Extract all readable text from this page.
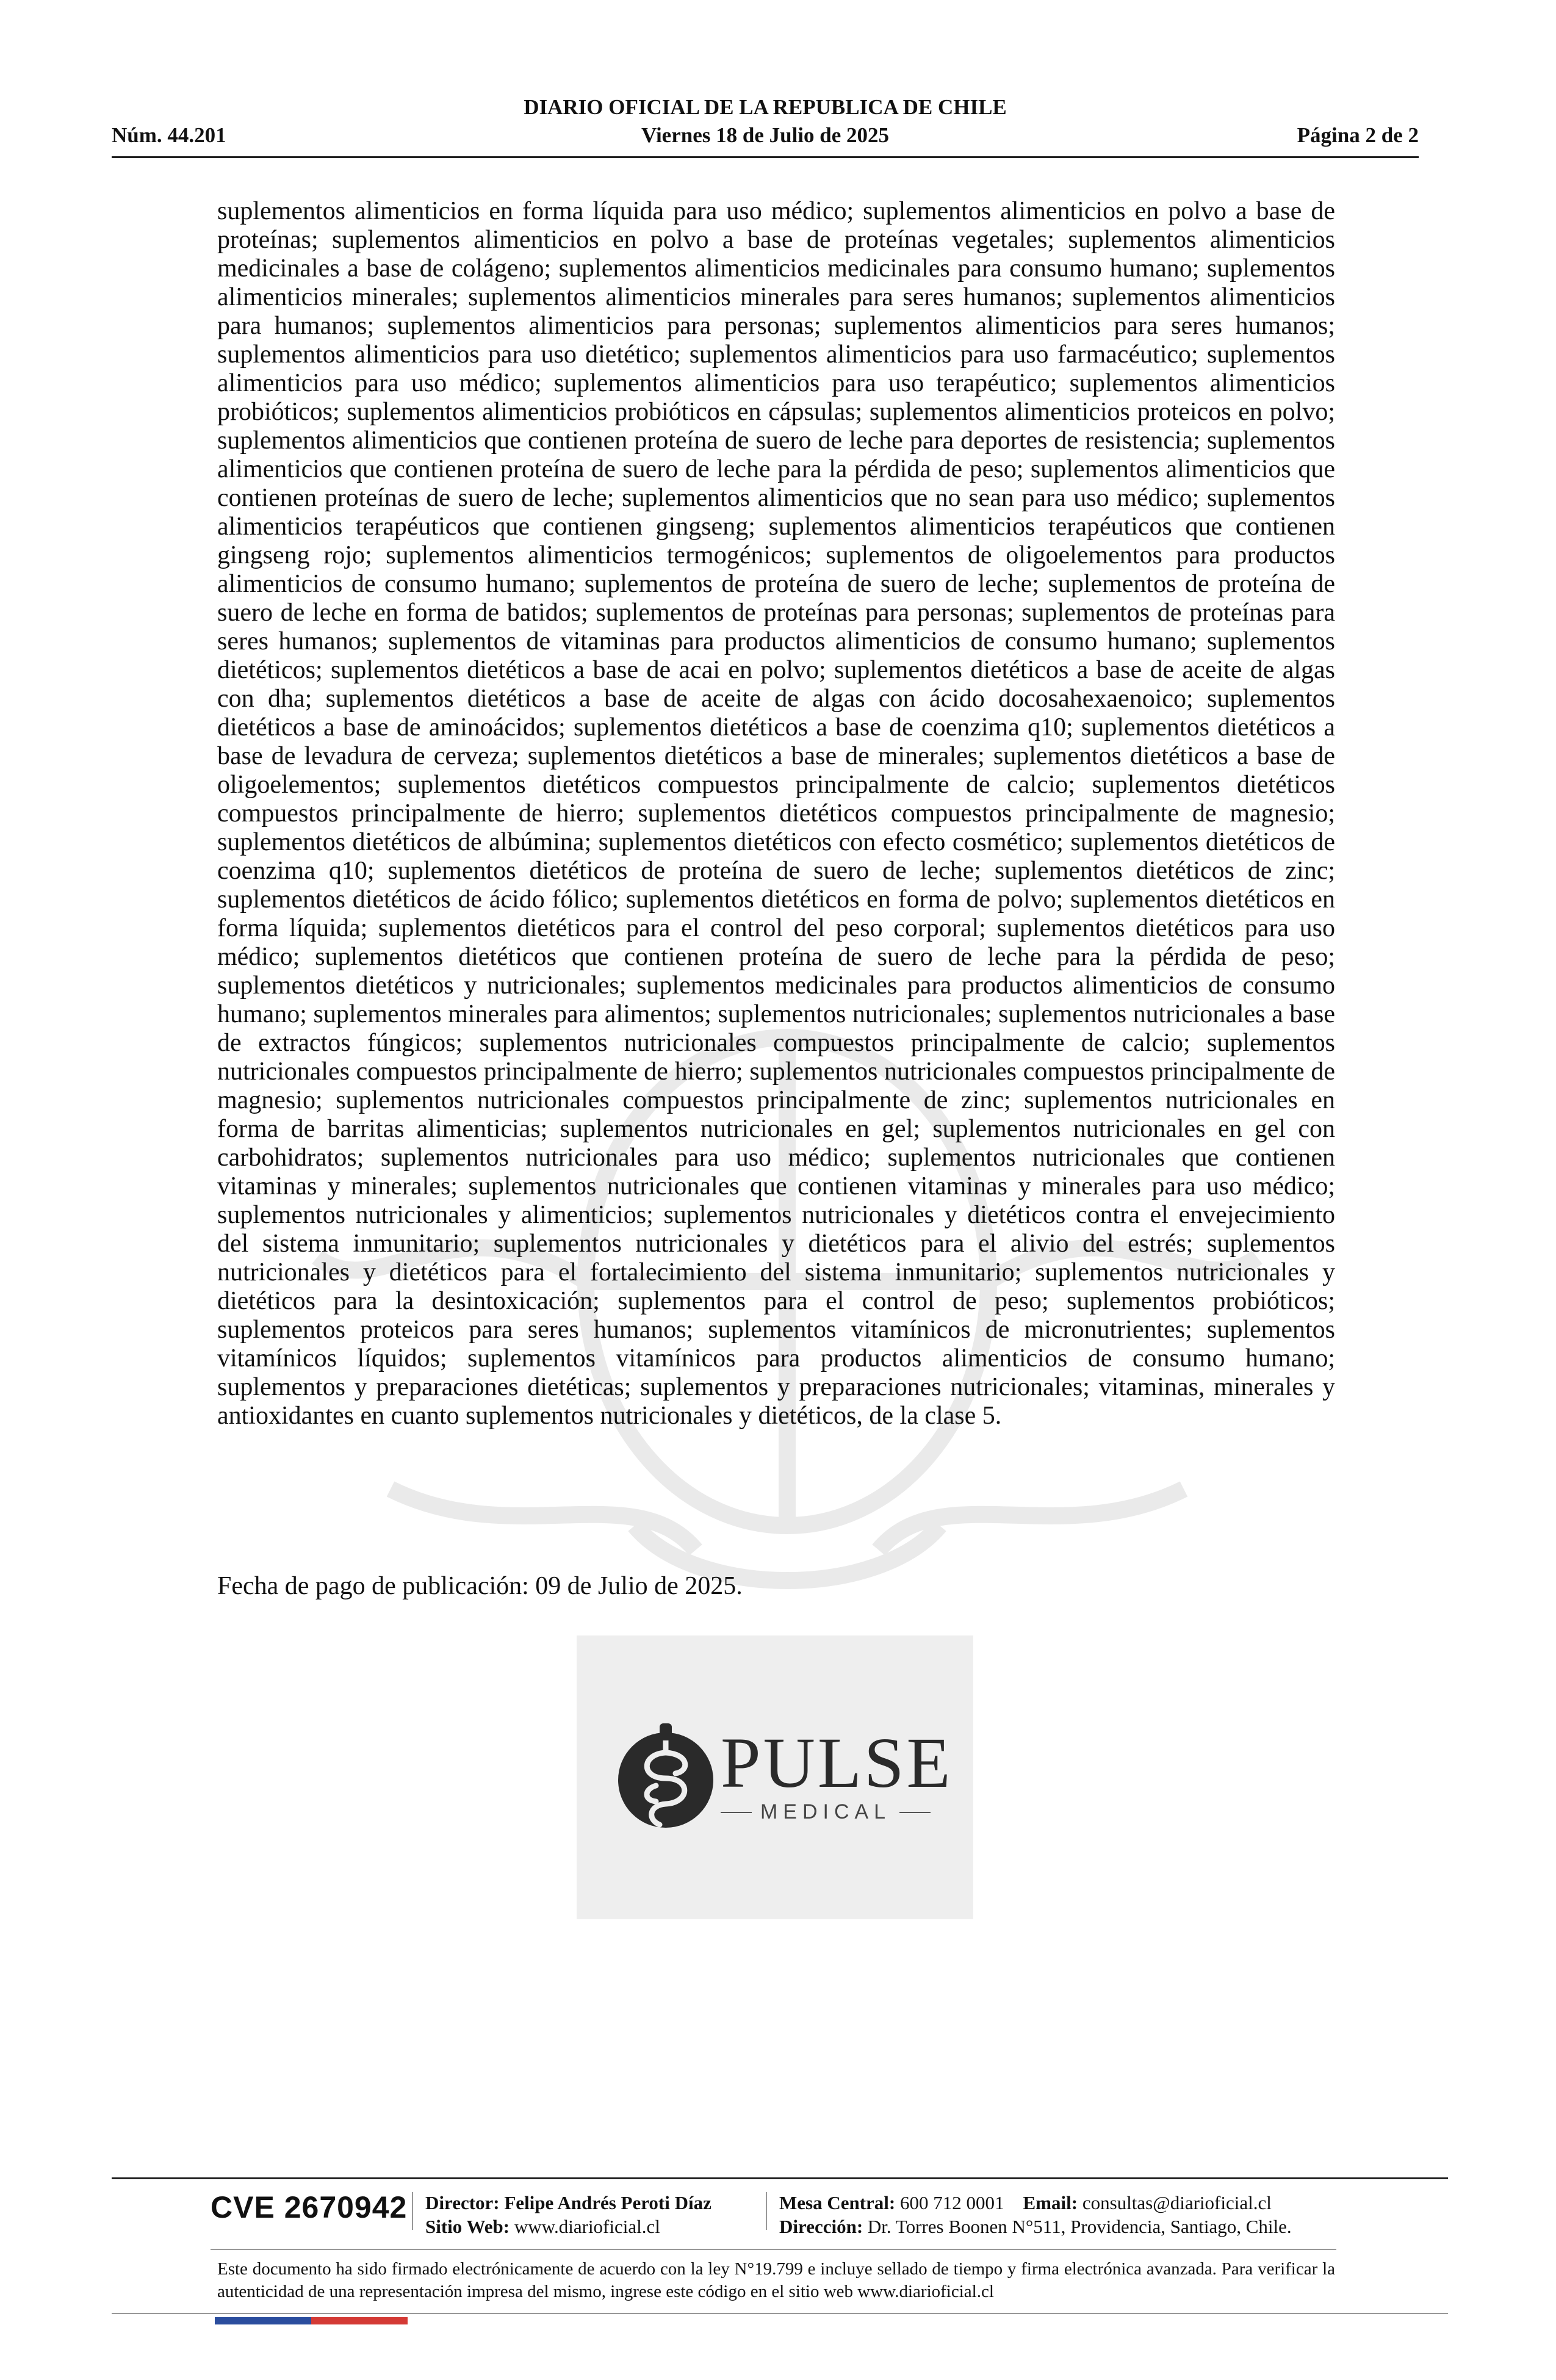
DIARIO OFICIAL DE LA REPUBLICA DE CHILE
Núm. 44.201	Viernes 18 de Julio de 2025	Página 2 de 2
suplementos alimenticios en forma líquida para uso médico; suplementos alimenticios en polvo a base de proteínas; suplementos alimenticios en polvo a base de proteínas vegetales; suplementos alimenticios medicinales a base de colágeno; suplementos alimenticios medicinales para consumo humano; suplementos alimenticios minerales; suplementos alimenticios minerales para seres humanos; suplementos alimenticios para humanos; suplementos alimenticios para personas; suplementos alimenticios para seres humanos; suplementos alimenticios para uso dietético; suplementos alimenticios para uso farmacéutico; suplementos alimenticios para uso médico; suplementos alimenticios para uso terapéutico; suplementos alimenticios probióticos; suplementos alimenticios probióticos en cápsulas; suplementos alimenticios proteicos en polvo; suplementos alimenticios que contienen proteína de suero de leche para deportes de resistencia; suplementos alimenticios que contienen proteína de suero de leche para la pérdida de peso; suplementos alimenticios que contienen proteínas de suero de leche; suplementos alimenticios que no sean para uso médico; suplementos alimenticios terapéuticos que contienen gingseng; suplementos alimenticios terapéuticos que contienen gingseng rojo; suplementos alimenticios termogénicos; suplementos de oligoelementos para productos alimenticios de consumo humano; suplementos de proteína de suero de leche; suplementos de proteína de suero de leche en forma de batidos; suplementos de proteínas para personas; suplementos de proteínas para seres humanos; suplementos de vitaminas para productos alimenticios de consumo humano; suplementos dietéticos; suplementos dietéticos a base de acai en polvo; suplementos dietéticos a base de aceite de algas con dha; suplementos dietéticos a base de aceite de algas con ácido docosahexaenoico; suplementos dietéticos a base de aminoácidos; suplementos dietéticos a base de coenzima q10; suplementos dietéticos a base de levadura de cerveza; suplementos dietéticos a base de minerales; suplementos dietéticos a base de oligoelementos; suplementos dietéticos compuestos principalmente de calcio; suplementos dietéticos compuestos principalmente de hierro; suplementos dietéticos compuestos principalmente de magnesio; suplementos dietéticos de albúmina; suplementos dietéticos con efecto cosmético; suplementos dietéticos de coenzima q10; suplementos dietéticos de proteína de suero de leche; suplementos dietéticos de zinc; suplementos dietéticos de ácido fólico; suplementos dietéticos en forma de polvo; suplementos dietéticos en forma líquida; suplementos dietéticos para el control del peso corporal; suplementos dietéticos para uso médico; suplementos dietéticos que contienen proteína de suero de leche para la pérdida de peso; suplementos dietéticos y nutricionales; suplementos medicinales para productos alimenticios de consumo humano; suplementos minerales para alimentos; suplementos nutricionales; suplementos nutricionales a base de extractos fúngicos; suplementos nutricionales compuestos principalmente de calcio; suplementos nutricionales compuestos principalmente de hierro; suplementos nutricionales compuestos principalmente de magnesio; suplementos nutricionales compuestos principalmente de zinc; suplementos nutricionales en forma de barritas alimenticias; suplementos nutricionales en gel; suplementos nutricionales en gel con carbohidratos; suplementos nutricionales para uso médico; suplementos nutricionales que contienen vitaminas y minerales; suplementos nutricionales que contienen vitaminas y minerales para uso médico; suplementos nutricionales y alimenticios; suplementos nutricionales y dietéticos contra el envejecimiento del sistema inmunitario; suplementos nutricionales y dietéticos para el alivio del estrés; suplementos nutricionales y dietéticos para el fortalecimiento del sistema inmunitario; suplementos nutricionales y dietéticos para la desintoxicación; suplementos para el control de peso; suplementos probióticos; suplementos proteicos para seres humanos; suplementos vitamínicos de micronutrientes; suplementos vitamínicos líquidos; suplementos vitamínicos para productos alimenticios de consumo humano; suplementos y preparaciones dietéticas; suplementos y preparaciones nutricionales; vitaminas, minerales y antioxidantes en cuanto suplementos nutricionales y dietéticos, de la clase 5.
Fecha de pago de publicación: 09 de Julio de 2025.
PULSE
MEDICAL
CVE 2670942 Director: Felipe Andrés Peroti Díaz
Sitio Web: www.diarioficial.cl
Mesa Central: 600 712 0001 Email: consultas@diarioficial.cl
Dirección: Dr. Torres Boonen N°511, Providencia, Santiago, Chile.
Este documento ha sido firmado electrónicamente de acuerdo con la ley N°19.799 e incluye sellado de tiempo y firma electrónica avanzada. Para verificar la autenticidad de una representación impresa del mismo, ingrese este código en el sitio web www.diarioficial.cl
